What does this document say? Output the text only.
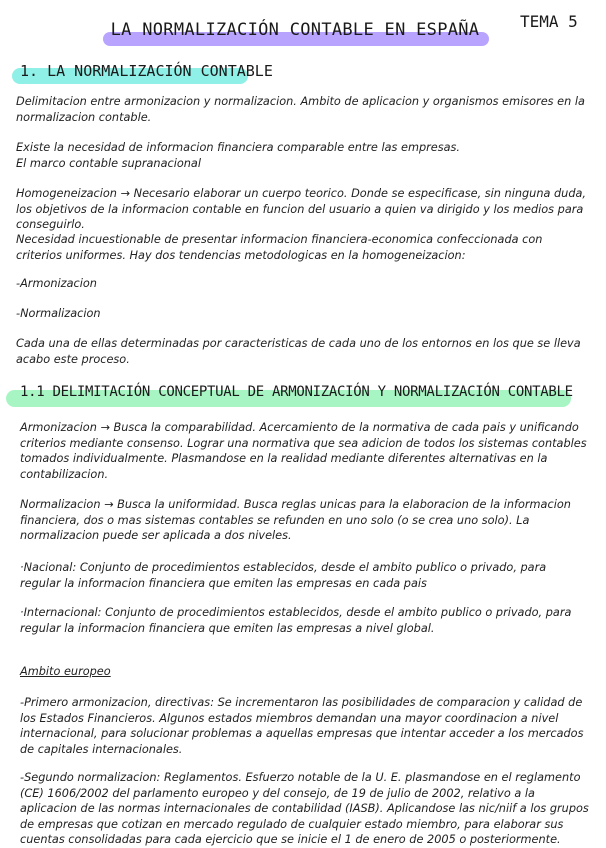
LA NORMALIZACIÓN CONTABLE EN ESPAÑA	TEMA 5
1. LA NORMALIZACIÓN CONTABLE
Delimitacion entre armonizacion y normalizacion. Ambito de aplicacion y organismos emisores en la normalizacion contable.
Existe la necesidad de informacion financiera comparable entre las empresas.
El marco contable supranacional
Homogeneizacion → Necesario elaborar un cuerpo teorico. Donde se especificase, sin ninguna duda, los objetivos de la informacion contable en funcion del usuario a quien va dirigido y los medios para conseguirlo.
Necesidad incuestionable de presentar informacion financiera-economica confeccionada con criterios uniformes. Hay dos tendencias metodologicas en la homogeneizacion:
-Armonizacion
-Normalizacion
Cada una de ellas determinadas por caracteristicas de cada uno de los entornos en los que se lleva acabo este proceso.
1.1 DELIMITACIÓN CONCEPTUAL DE ARMONIZACIÓN Y NORMALIZACIÓN CONTABLE
Armonizacion → Busca la comparabilidad. Acercamiento de la normativa de cada pais y unificando criterios mediante consenso. Lograr una normativa que sea adicion de todos los sistemas contables tomados individualmente. Plasmandose en la realidad mediante diferentes alternativas en la contabilizacion.
Normalizacion → Busca la uniformidad. Busca reglas unicas para la elaboracion de la informacion financiera, dos o mas sistemas contables se refunden en uno solo (o se crea uno solo). La normalizacion puede ser aplicada a dos niveles.
·Nacional: Conjunto de procedimientos establecidos, desde el ambito publico o privado, para regular la informacion financiera que emiten las empresas en cada pais
·Internacional: Conjunto de procedimientos establecidos, desde el ambito publico o privado, para regular la informacion financiera que emiten las empresas a nivel global.
Ambito europeo
-Primero armonizacion, directivas: Se incrementaron las posibilidades de comparacion y calidad de los Estados Financieros. Algunos estados miembros demandan una mayor coordinacion a nivel internacional, para solucionar problemas a aquellas empresas que intentar acceder a los mercados de capitales internacionales.
-Segundo normalizacion: Reglamentos. Esfuerzo notable de la U. E. plasmandose en el reglamento (CE) 1606/2002 del parlamento europeo y del consejo, de 19 de julio de 2002, relativo a la aplicacion de las normas internacionales de contabilidad (IASB). Aplicandose las nic/niif a los grupos de empresas que cotizan en mercado regulado de cualquier estado miembro, para elaborar sus cuentas consolidadas para cada ejercicio que se inicie el 1 de enero de 2005 o posteriormente.
